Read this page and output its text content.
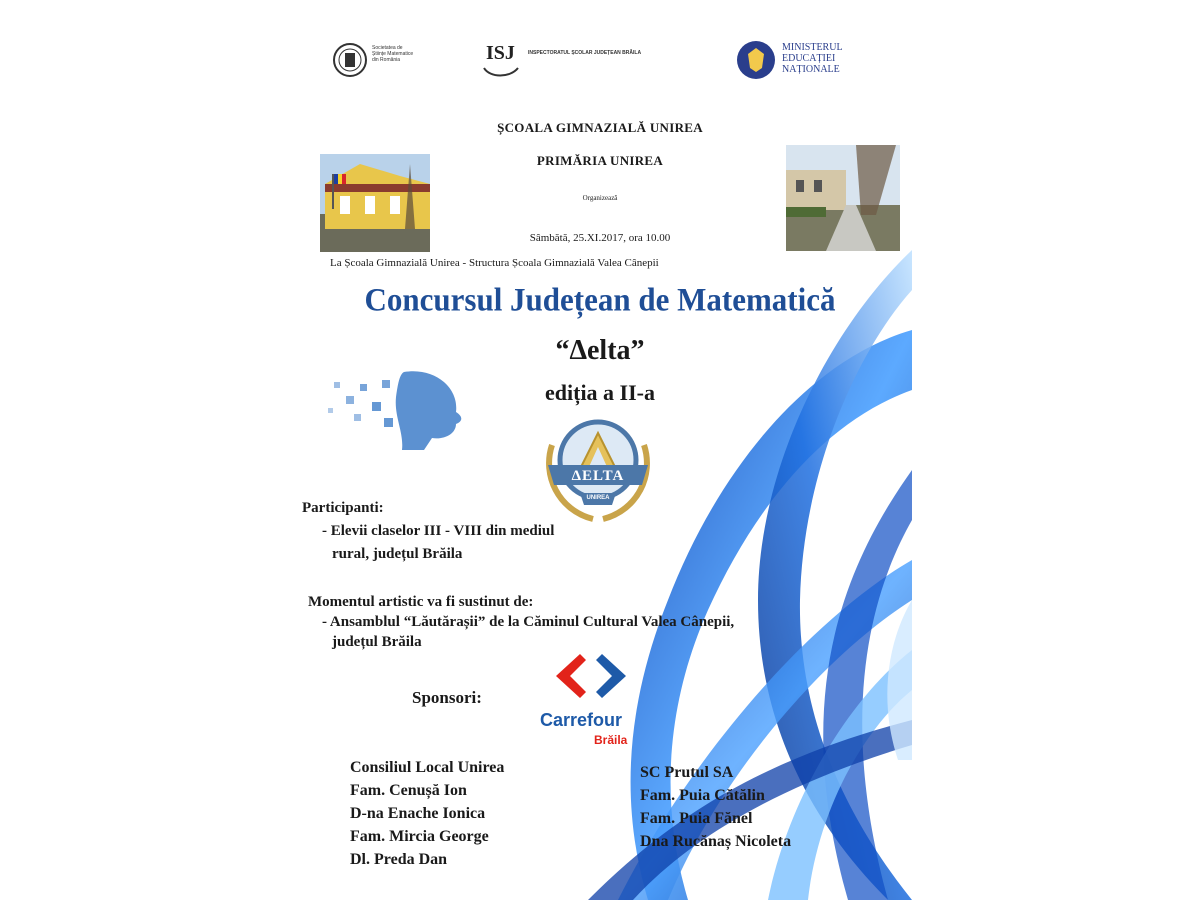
Societatea de Științe Matematice din România	ISJ	INSPECTORATUL ȘCOLAR JUDEȚEAN BRĂILA	MINISTERUL EDUCAȚIEI NAȚIONALE
ȘCOALA GIMNAZIALĂ UNIREA
PRIMĂRIA UNIREA
Organizează
Sâmbătă, 25.XI.2017, ora 10.00
La Școala Gimnazială Unirea - Structura Școala Gimnazială Valea Cânepii
Concursul Județean de Matematică
“Δelta”
ediția a II-a
ΔELTA
UNIREA
Participanti:
- Elevii claselor III - VIII din mediul
rural, județul Brăila
Momentul artistic va fi sustinut de:
- Ansamblul “Lăutărașii” de la Căminul Cultural Valea Cânepii,
județul Brăila
Sponsori:
Carrefour
Brăila
Consiliul Local Unirea
Fam. Cenușă Ion
D-na Enache Ionica
Fam. Mircia George
Dl. Preda Dan
SC Prutul SA
Fam. Puia Cătălin
Fam. Puia Fănel
Dna Rucănaș Nicoleta
